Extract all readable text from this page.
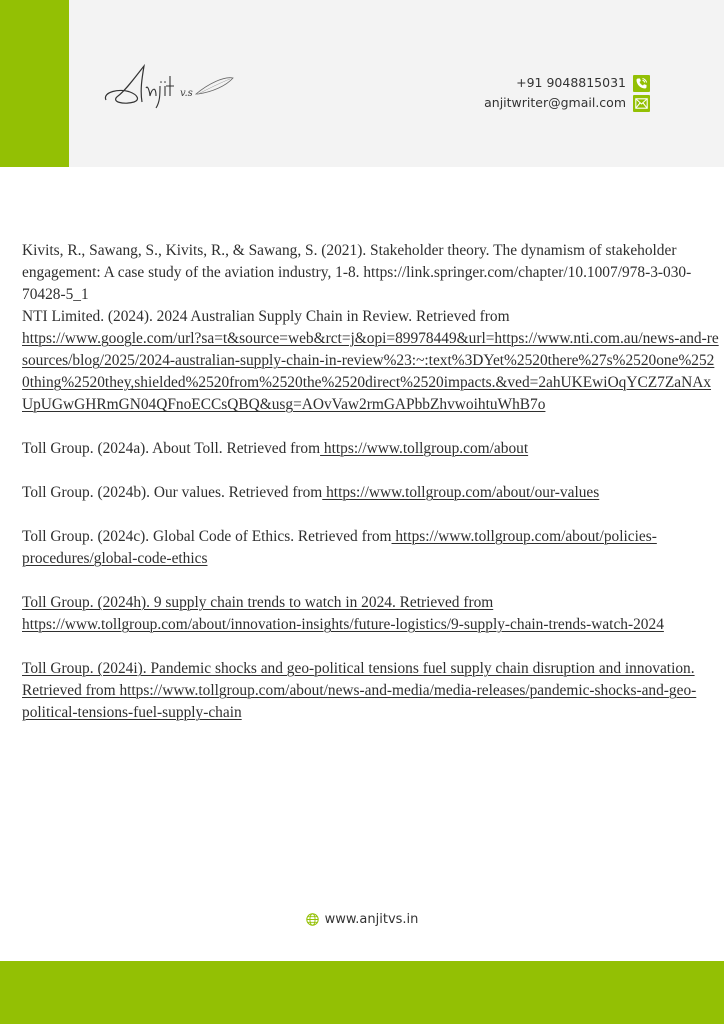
v.s
+91 9048815031
anjitwriter@gmail.com

Kivits, R., Sawang, S., Kivits, R., & Sawang, S. (2021). Stakeholder theory. The dynamism of stakeholder engagement: A case study of the aviation industry, 1-8. https://link.springer.com/chapter/10.1007/978-3-030-70428-5_1

NTI Limited. (2024). 2024 Australian Supply Chain in Review. Retrieved from
https://www.google.com/url?sa=t&source=web&rct=j&opi=89978449&url=https://www.nti.com.au/news-and-resources/blog/2025/2024-australian-supply-chain-in-review%23:~:text%3DYet%2520there%27s%2520one%2520thing%2520they,shielded%2520from%2520the%2520direct%2520impacts.&ved=2ahUKEwiOqYCZ7ZaNAxUpUGwGHRmGN04QFnoECCsQBQ&usg=AOvVaw2rmGAPbbZhvwoihtuWhB7o

Toll Group. (2024a). About Toll. Retrieved from https://www.tollgroup.com/about

Toll Group. (2024b). Our values. Retrieved from https://www.tollgroup.com/about/our-values

Toll Group. (2024c). Global Code of Ethics. Retrieved from https://www.tollgroup.com/about/policies-procedures/global-code-ethics

Toll Group. (2024h). 9 supply chain trends to watch in 2024. Retrieved from https://www.tollgroup.com/about/innovation-insights/future-logistics/9-supply-chain-trends-watch-2024

Toll Group. (2024i). Pandemic shocks and geo-political tensions fuel supply chain disruption and innovation. Retrieved from https://www.tollgroup.com/about/news-and-media/media-releases/pandemic-shocks-and-geo-political-tensions-fuel-supply-chain

www.anjitvs.in
